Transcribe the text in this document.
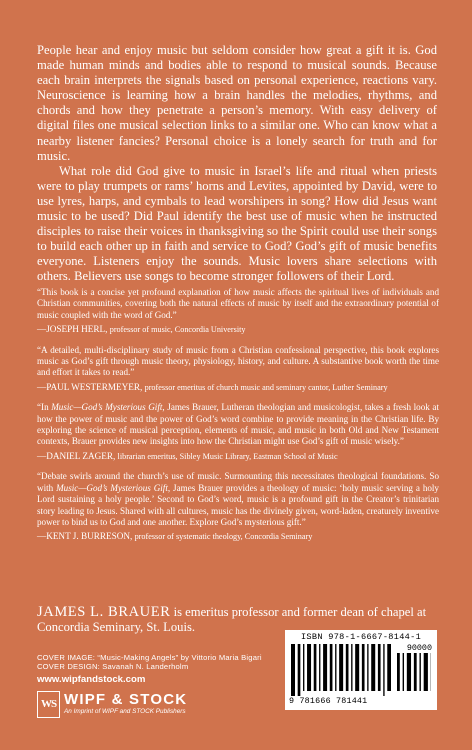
People hear and enjoy music but seldom consider how great a gift it is. God made human minds and bodies able to respond to musical sounds. Because each brain interprets the signals based on personal experience, reactions vary. Neuroscience is learning how a brain handles the melodies, rhythms, and chords and how they penetrate a person’s memory. With easy delivery of digital files one musical selection links to a similar one. Who can know what a nearby listener fancies? Personal choice is a lonely search for truth and for music.

What role did God give to music in Israel’s life and ritual when priests were to play trumpets or rams’ horns and Levites, appointed by David, were to use lyres, harps, and cymbals to lead worshipers in song? How did Jesus want music to be used? Did Paul identify the best use of music when he instructed disciples to raise their voices in thanksgiving so the Spirit could use their songs to build each other up in faith and service to God? God’s gift of music benefits everyone. Listeners enjoy the sounds. Music lovers share selections with others. Believers use songs to become stronger followers of their Lord.

“This book is a concise yet profound explanation of how music affects the spiritual lives of individuals and Christian communities, covering both the natural effects of music by itself and the extraordinary potential of music coupled with the word of God.”

—JOSEPH HERL, professor of music, Concordia University

“A detailed, multi-disciplinary study of music from a Christian confessional perspective, this book explores music as God’s gift through music theory, physiology, history, and culture. A substantive book worth the time and effort it takes to read.”

—PAUL WESTERMEYER, professor emeritus of church music and seminary cantor, Luther Seminary

“In Music—God’s Mysterious Gift, James Brauer, Lutheran theologian and musicologist, takes a fresh look at how the power of music and the power of God’s word combine to provide meaning in the Christian life. By exploring the science of musical perception, elements of music, and music in both Old and New Testament contexts, Brauer provides new insights into how the Christian might use God’s gift of music wisely.”

—DANIEL ZAGER, librarian emeritus, Sibley Music Library, Eastman School of Music

“Debate swirls around the church’s use of music. Surmounting this necessitates theological foundations. So with Music—God’s Mysterious Gift, James Brauer provides a theology of music: ‘holy music serving a holy Lord sustaining a holy people.’ Second to God’s word, music is a profound gift in the Creator’s trinitarian story leading to Jesus. Shared with all cultures, music has the divinely given, word-laden, creaturely inventive power to bind us to God and one another. Explore God’s mysterious gift.”

—KENT J. BURRESON, professor of systematic theology, Concordia Seminary

JAMES L. BRAUER is emeritus professor and former dean of chapel at Concordia Seminary, St. Louis.
COVER IMAGE: “Music-Making Angels” by Vittorio Maria Bigari
COVER DESIGN: Savanah N. Landerholm
www.wipfandstock.com
WS WIPF & STOCK
An Imprint of WIPF and STOCK Publishers
ISBN 978-1-6667-8144-1
90000
9 781666 781441
